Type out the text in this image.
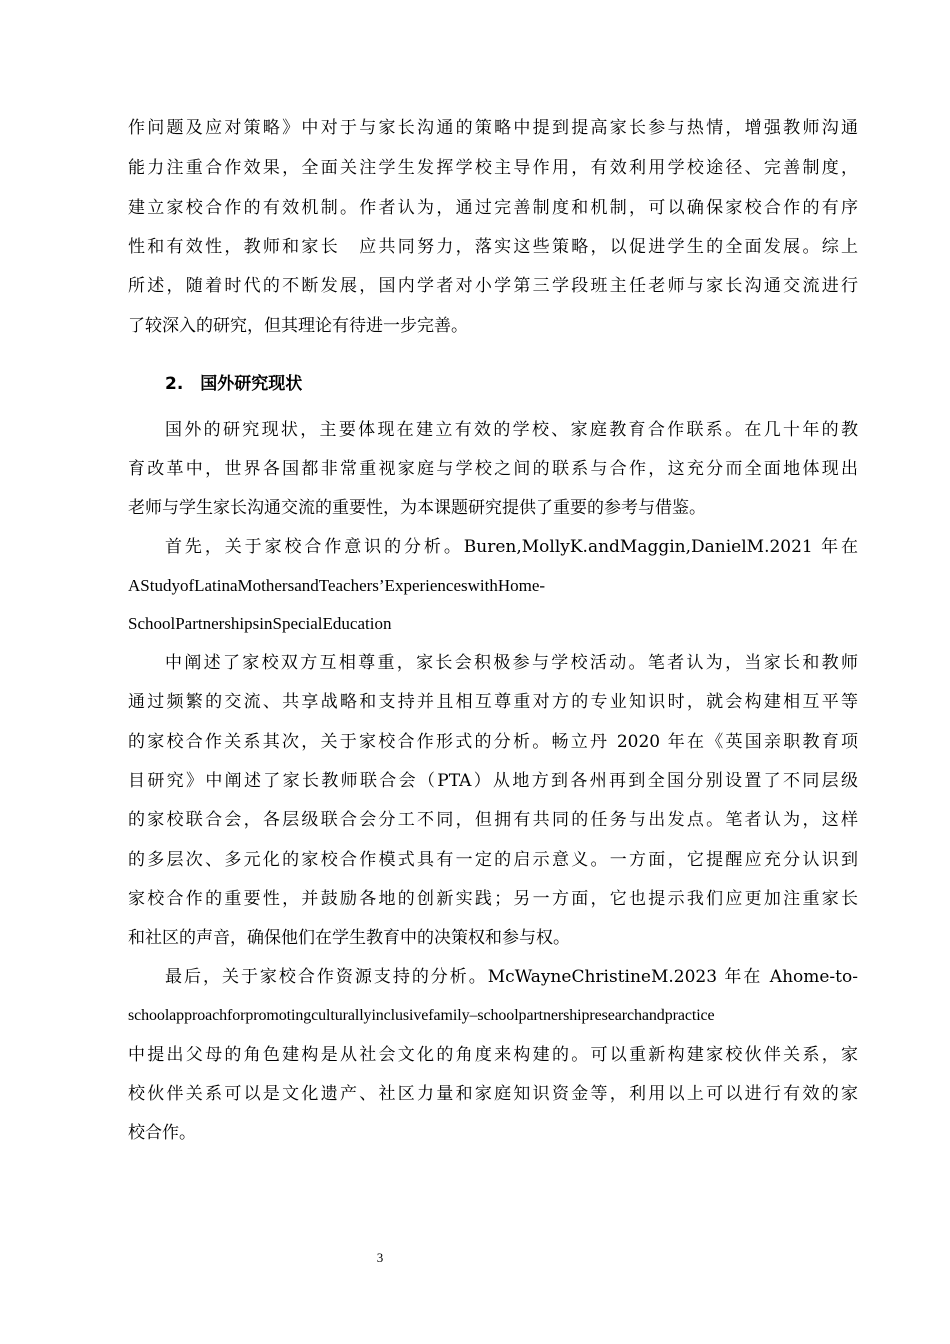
作问题及应对策略》中对于与家长沟通的策略中提到提高家长参与热情，增强教师沟通
能力注重合作效果，全面关注学生发挥学校主导作用，有效利用学校途径、完善制度，
建立家校合作的有效机制。作者认为，通过完善制度和机制，可以确保家校合作的有序
性和有效性，教师和家长　应共同努力，落实这些策略，以促进学生的全面发展。综上
所述，随着时代的不断发展，国内学者对小学第三学段班主任老师与家长沟通交流进行
了较深入的研究，但其理论有待进一步完善。
2.　国外研究现状
国外的研究现状，主要体现在建立有效的学校、家庭教育合作联系。在几十年的教
育改革中，世界各国都非常重视家庭与学校之间的联系与合作，这充分而全面地体现出
老师与学生家长沟通交流的重要性，为本课题研究提供了重要的参考与借鉴。
首先，关于家校合作意识的分析。Buren,MollyK.andMaggin,DanielM.2021 年在
AStudyofLatinaMothersandTeachers’ExperienceswithHome-
SchoolPartnershipsinSpecialEducation
中阐述了家校双方互相尊重，家长会积极参与学校活动。笔者认为，当家长和教师
通过频繁的交流、共享战略和支持并且相互尊重对方的专业知识时，就会构建相互平等
的家校合作关系其次，关于家校合作形式的分析。畅立丹 2020 年在《英国亲职教育项
目研究》中阐述了家长教师联合会（PTA）从地方到各州再到全国分别设置了不同层级
的家校联合会，各层级联合会分工不同，但拥有共同的任务与出发点。笔者认为，这样
的多层次、多元化的家校合作模式具有一定的启示意义。一方面，它提醒应充分认识到
家校合作的重要性，并鼓励各地的创新实践；另一方面，它也提示我们应更加注重家长
和社区的声音，确保他们在学生教育中的决策权和参与权。
最后，关于家校合作资源支持的分析。McWayneChristineM.2023 年在 Ahome-to-
schoolapproachforpromotingculturallyinclusivefamily–schoolpartnershipresearchandpractice
中提出父母的角色建构是从社会文化的角度来构建的。可以重新构建家校伙伴关系，家
校伙伴关系可以是文化遗产、社区力量和家庭知识资金等，利用以上可以进行有效的家
校合作。
3
